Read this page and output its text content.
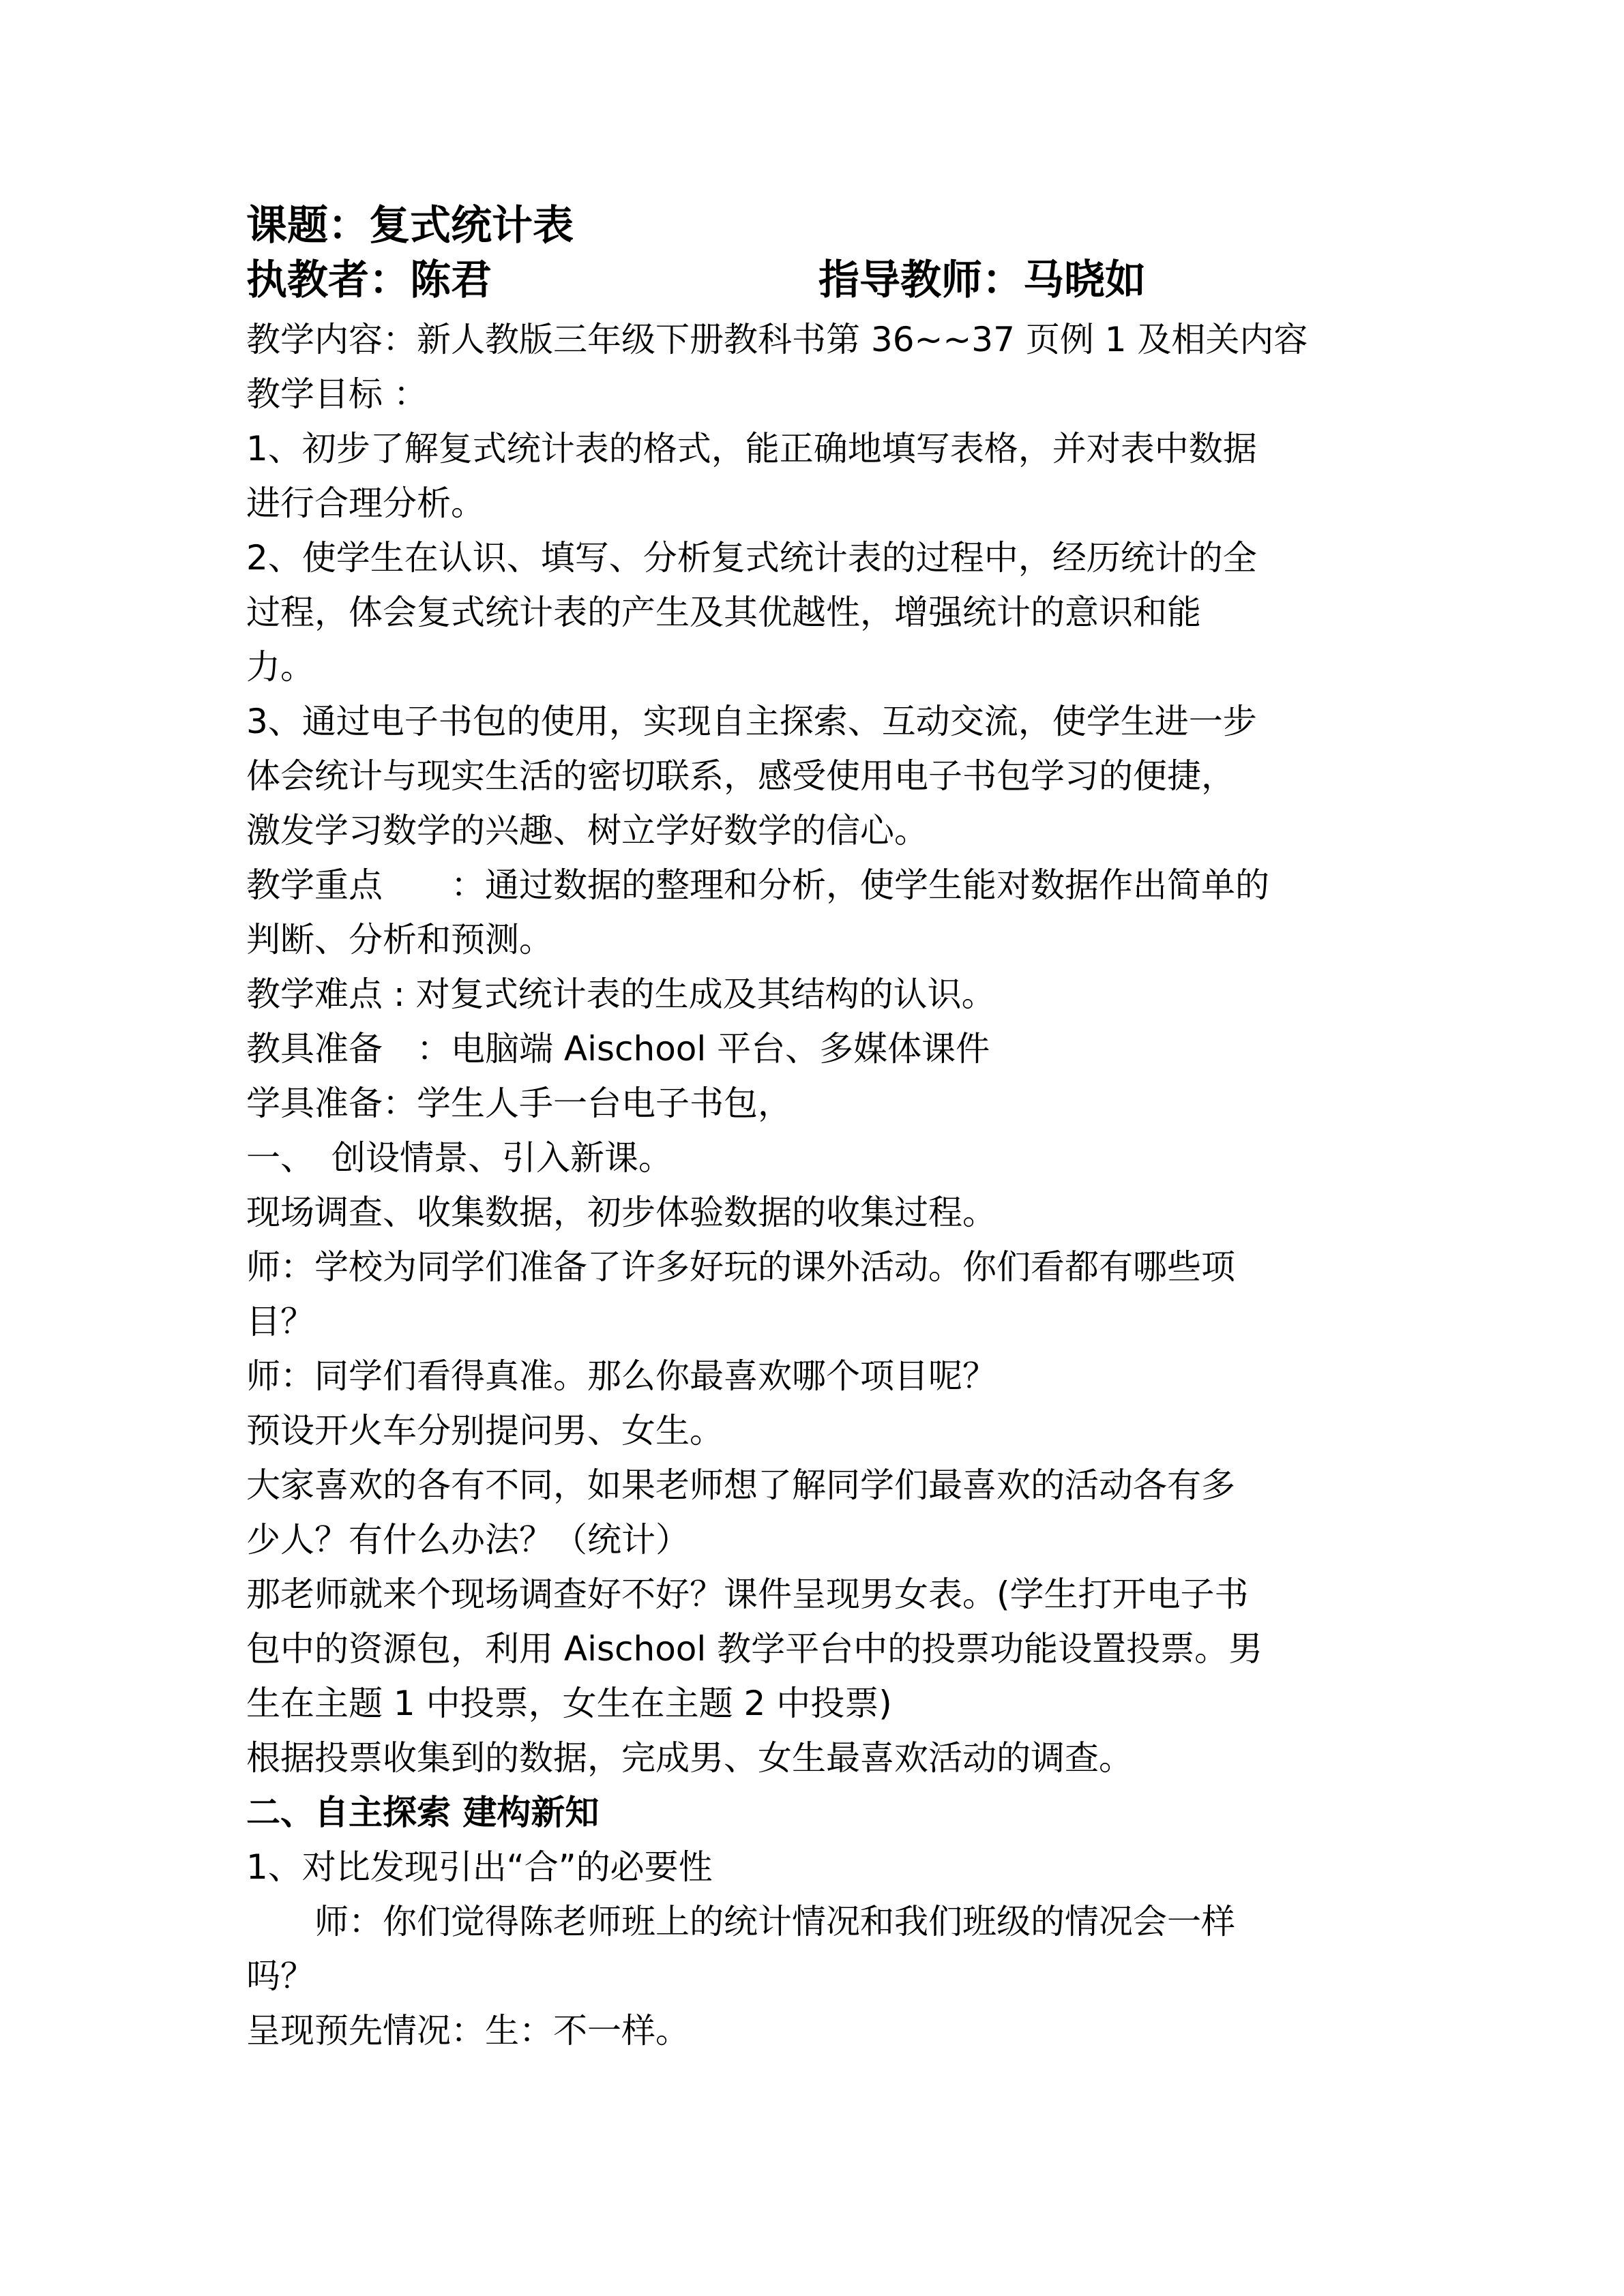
课题：复式统计表
执教者：陈君	指导教师：马晓如
教学内容：新人教版三年级下册教科书第 36~~37 页例 1 及相关内容
教学目标 ：
1、初步了解复式统计表的格式，能正确地填写表格，并对表中数据
进行合理分析。
2、使学生在认识、填写、分析复式统计表的过程中，经历统计的全
过程，体会复式统计表的产生及其优越性，增强统计的意识和能
力。
3、通过电子书包的使用，实现自主探索、互动交流，使学生进一步
体会统计与现实生活的密切联系，感受使用电子书包学习的便捷，
激发学习数学的兴趣、树立学好数学的信心。
教学重点　　：通过数据的整理和分析，使学生能对数据作出简单的
判断、分析和预测。
教学难点 : 对复式统计表的生成及其结构的认识。
教具准备　：电脑端 Aischool 平台、多媒体课件
学具准备：学生人手一台电子书包，
一、　创设情景、引入新课。
现场调查、收集数据，初步体验数据的收集过程。
师：学校为同学们准备了许多好玩的课外活动。你们看都有哪些项
目？
师：同学们看得真准。那么你最喜欢哪个项目呢？
预设开火车分别提问男、女生。
大家喜欢的各有不同，如果老师想了解同学们最喜欢的活动各有多
少人？有什么办法？（统计）
那老师就来个现场调查好不好？课件呈现男女表。(学生打开电子书
包中的资源包，利用 Aischool 教学平台中的投票功能设置投票。男
生在主题 1 中投票，女生在主题 2 中投票)
根据投票收集到的数据，完成男、女生最喜欢活动的调查。
二、自主探索 建构新知
1、对比发现引出“合”的必要性
　　师：你们觉得陈老师班上的统计情况和我们班级的情况会一样
吗？
呈现预先情况：生：不一样。
